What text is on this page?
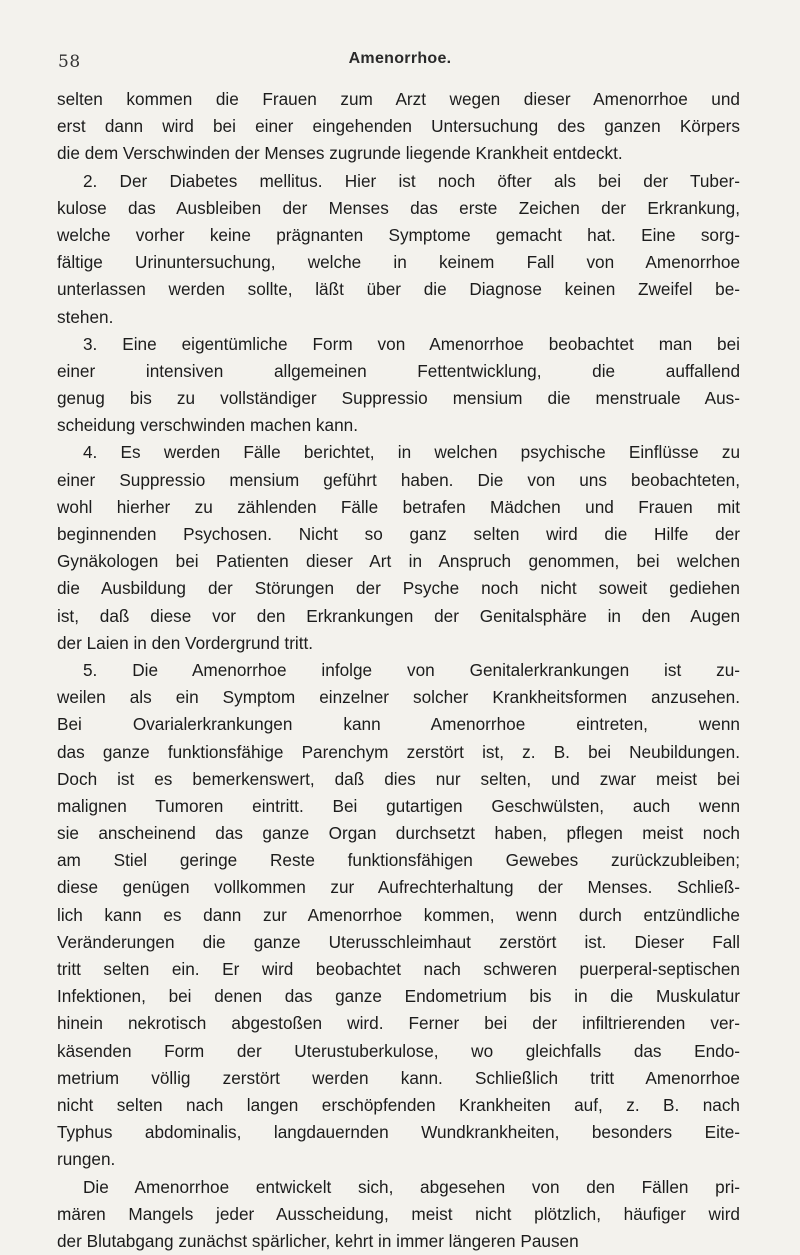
58	Amenorrhoe.
selten kommen die Frauen zum Arzt wegen dieser Amenorrhoe und
erst dann wird bei einer eingehenden Untersuchung des ganzen Körpers
die dem Verschwinden der Menses zugrunde liegende Krankheit entdeckt.
2. Der Diabetes mellitus. Hier ist noch öfter als bei der Tuber-
kulose das Ausbleiben der Menses das erste Zeichen der Erkrankung,
welche vorher keine prägnanten Symptome gemacht hat. Eine sorg-
fältige Urinuntersuchung, welche in keinem Fall von Amenorrhoe
unterlassen werden sollte, läßt über die Diagnose keinen Zweifel be-
stehen.
3. Eine eigentümliche Form von Amenorrhoe beobachtet man bei
einer intensiven allgemeinen Fettentwicklung, die auffallend
genug bis zu vollständiger Suppressio mensium die menstruale Aus-
scheidung verschwinden machen kann.
4. Es werden Fälle berichtet, in welchen psychische Einflüsse zu
einer Suppressio mensium geführt haben. Die von uns beobachteten,
wohl hierher zu zählenden Fälle betrafen Mädchen und Frauen mit
beginnenden Psychosen. Nicht so ganz selten wird die Hilfe der
Gynäkologen bei Patienten dieser Art in Anspruch genommen, bei welchen
die Ausbildung der Störungen der Psyche noch nicht soweit gediehen
ist, daß diese vor den Erkrankungen der Genitalsphäre in den Augen
der Laien in den Vordergrund tritt.
5. Die Amenorrhoe infolge von Genitalerkrankungen ist zu-
weilen als ein Symptom einzelner solcher Krankheitsformen anzusehen.
Bei Ovarialerkrankungen kann Amenorrhoe eintreten, wenn
das ganze funktionsfähige Parenchym zerstört ist, z. B. bei Neubildungen.
Doch ist es bemerkenswert, daß dies nur selten, und zwar meist bei
malignen Tumoren eintritt. Bei gutartigen Geschwülsten, auch wenn
sie anscheinend das ganze Organ durchsetzt haben, pflegen meist noch
am Stiel geringe Reste funktionsfähigen Gewebes zurückzubleiben;
diese genügen vollkommen zur Aufrechterhaltung der Menses. Schließ-
lich kann es dann zur Amenorrhoe kommen, wenn durch entzündliche
Veränderungen die ganze Uterusschleimhaut zerstört ist. Dieser Fall
tritt selten ein. Er wird beobachtet nach schweren puerperal-septischen
Infektionen, bei denen das ganze Endometrium bis in die Muskulatur
hinein nekrotisch abgestoßen wird. Ferner bei der infiltrierenden ver-
käsenden Form der Uterustuberkulose, wo gleichfalls das Endo-
metrium völlig zerstört werden kann. Schließlich tritt Amenorrhoe
nicht selten nach langen erschöpfenden Krankheiten auf, z. B. nach
Typhus abdominalis, langdauernden Wundkrankheiten, besonders Eite-
rungen.
Die Amenorrhoe entwickelt sich, abgesehen von den Fällen pri-
mären Mangels jeder Ausscheidung, meist nicht plötzlich, häufiger wird
der Blutabgang zunächst spärlicher, kehrt in immer längeren Pausen
